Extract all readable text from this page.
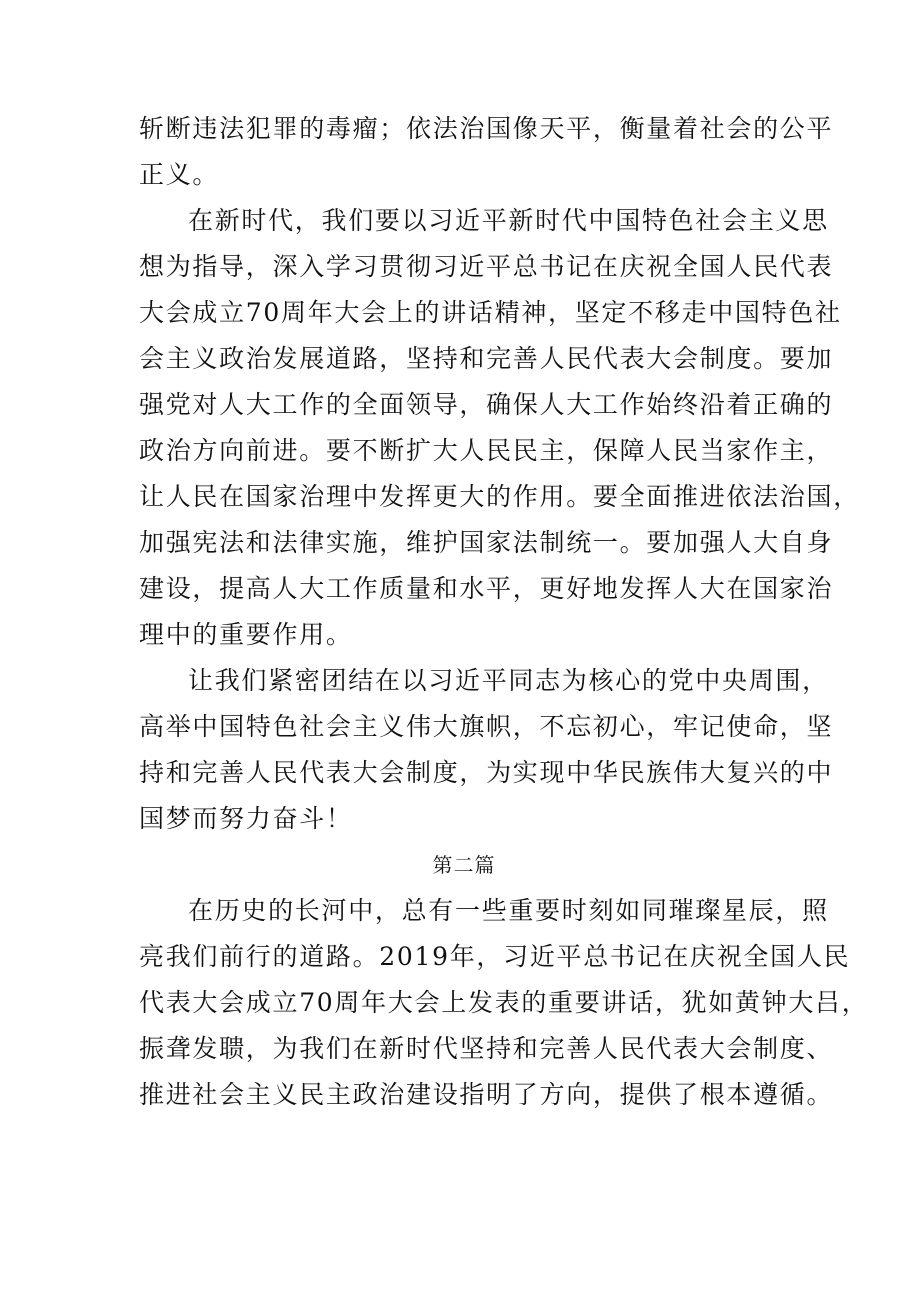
斩断违法犯罪的毒瘤；依法治国像天平，衡量着社会的公平
正义。
在新时代，我们要以习近平新时代中国特色社会主义思
想为指导，深入学习贯彻习近平总书记在庆祝全国人民代表
大会成立70周年大会上的讲话精神，坚定不移走中国特色社
会主义政治发展道路，坚持和完善人民代表大会制度。要加
强党对人大工作的全面领导，确保人大工作始终沿着正确的
政治方向前进。要不断扩大人民民主，保障人民当家作主，
让人民在国家治理中发挥更大的作用。要全面推进依法治国，
加强宪法和法律实施，维护国家法制统一。要加强人大自身
建设，提高人大工作质量和水平，更好地发挥人大在国家治
理中的重要作用。
让我们紧密团结在以习近平同志为核心的党中央周围，
高举中国特色社会主义伟大旗帜，不忘初心，牢记使命，坚
持和完善人民代表大会制度，为实现中华民族伟大复兴的中
国梦而努力奋斗！
第二篇
在历史的长河中，总有一些重要时刻如同璀璨星辰，照
亮我们前行的道路。2019年，习近平总书记在庆祝全国人民
代表大会成立70周年大会上发表的重要讲话，犹如黄钟大吕，
振聋发聩，为我们在新时代坚持和完善人民代表大会制度、
推进社会主义民主政治建设指明了方向，提供了根本遵循。
